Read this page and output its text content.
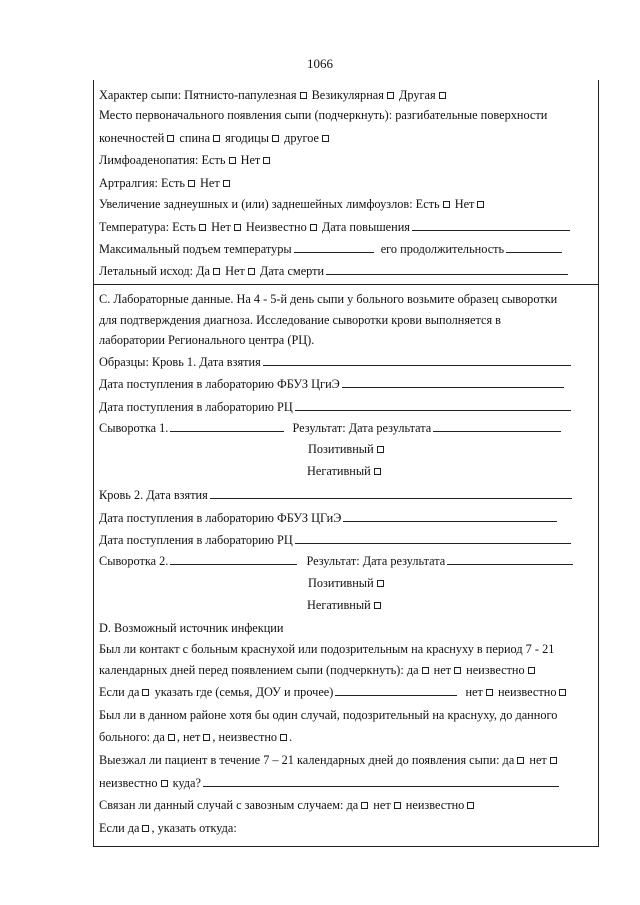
1066
Характер сыпи: Пятнисто-папулезная Везикулярная Другая
Место первоначального появления сыпи (подчеркнуть): разгибательные поверхности
конечностей спина ягодицы другое
Лимфоаденопатия: Есть Нет
Артралгия: Есть Нет
Увеличение заднеушных и (или) заднешейных лимфоузлов: Есть Нет
Температура: Есть Нет Неизвестно Дата повышения
Максимальный подъем температуры	его продолжительность
Летальный исход: Да Нет Дата смерти
С. Лабораторные данные. На 4 - 5-й день сыпи у больного возьмите образец сыворотки
для подтверждения диагноза. Исследование сыворотки крови выполняется в
лаборатории Регионального центра (РЦ).
Образцы: Кровь 1. Дата взятия
Дата поступления в лабораторию ФБУЗ ЦгиЭ
Дата поступления в лабораторию РЦ
Сыворотка 1.	Результат: Дата результата
Позитивный
Негативный
Кровь 2. Дата взятия
Дата поступления в лабораторию ФБУЗ ЦГиЭ
Дата поступления в лабораторию РЦ
Сыворотка 2.	Результат: Дата результата
Позитивный
Негативный
D. Возможный источник инфекции
Был ли контакт с больным краснухой или подозрительным на краснуху в период 7 - 21
календарных дней перед появлением сыпи (подчеркнуть): да нет неизвестно
Если да указать где (семья, ДОУ и прочее)	нет неизвестно
Был ли в данном районе хотя бы один случай, подозрительный на краснуху, до данного
больного: да , нет , неизвестно .
Выезжал ли пациент в течение 7 – 21 календарных дней до появления сыпи: да нет
неизвестно куда?
Связан ли данный случай с завозным случаем: да нет неизвестно
Если да , указать откуда:
